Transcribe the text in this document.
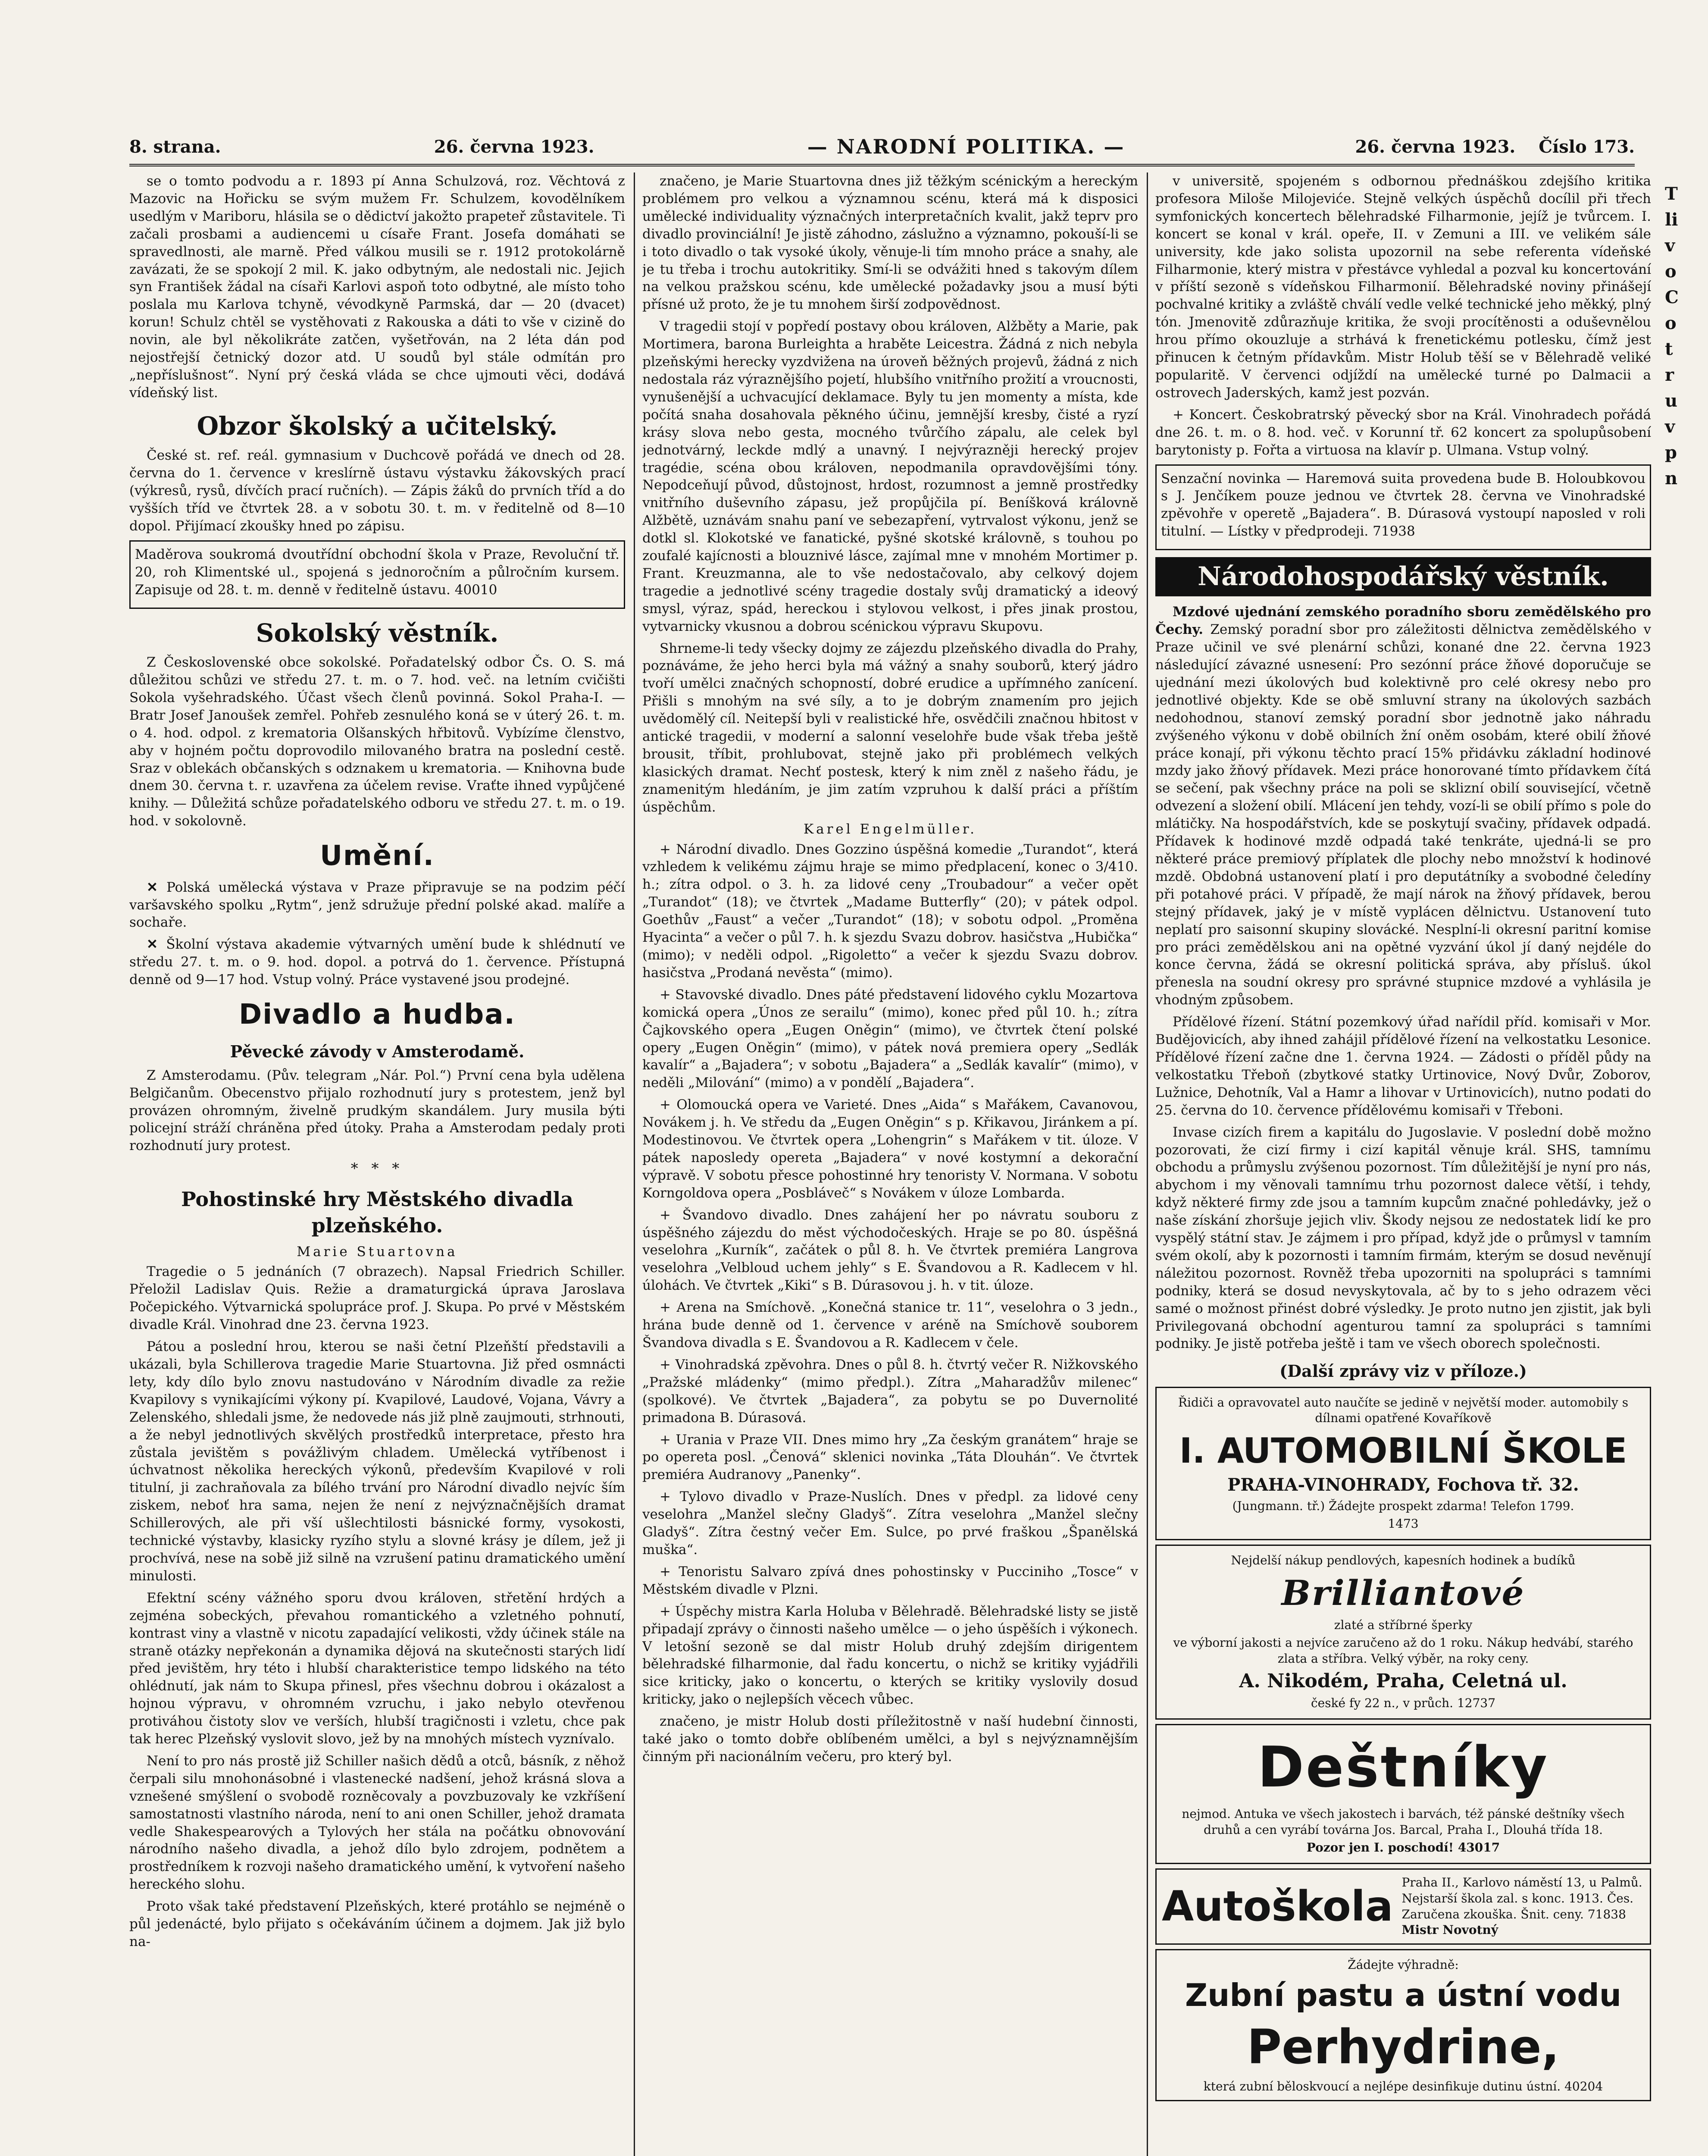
8. strana.	26. června 1923.	— NARODNÍ POLITIKA. —	26. června 1923. Číslo 173.

se o tomto podvodu a r. 1893 pí Anna Schulzová, roz. Věchtová z Mazovic na Hořicku se svým mužem Fr. Schulzem, kovodělníkem usedlým v Mariboru, hlásila se o dědictví jakožto prapeteř zůstavitele. Ti začali prosbami a audiencemi u císaře Frant. Josefa domáhati se spravedlnosti, ale marně. Před válkou musili se r. 1912 protokolárně zavázati, že se spokojí 2 mil. K. jako odbytným, ale nedostali nic. Jejich syn František žádal na císaři Karlovi aspoň toto odbytné, ale místo toho poslala mu Karlova tchyně, vévodkyně Parmská, dar — 20 (dvacet) korun! Schulz chtěl se vystěhovati z Rakouska a dáti to vše v cizině do novin, ale byl několikráte zatčen, vyšetřován, na 2 léta dán pod nejostřejší četnický dozor atd. U soudů byl stále odmítán pro „nepříslušnost“. Nyní prý česká vláda se chce ujmouti věci, dodává vídeňský list.

Obzor školský a učitelský.

České st. ref. reál. gymnasium v Duchcově pořádá ve dnech od 28. června do 1. července v kreslírně ústavu výstavku žákovských prací (výkresů, rysů, dívčích prací ručních). — Zápis žáků do prvních tříd a do vyšších tříd ve čtvrtek 28. a v sobotu 30. t. m. v ředitelně od 8—10 dopol. Přijímací zkoušky hned po zápisu.

Maděrova soukromá dvoutřídní obchodní škola v Praze, Revoluční tř. 20, roh Klimentské ul., spojená s jednoročním a půlročním kursem. Zapisuje od 28. t. m. denně v ředitelně ústavu. 40010

Sokolský věstník.

Z Československé obce sokolské. Pořadatelský odbor Čs. O. S. má důležitou schůzi ve středu 27. t. m. o 7. hod. več. na letním cvičišti Sokola vyšehradského. Účast všech členů povinná. Sokol Praha-I. — Bratr Josef Janoušek zemřel. Pohřeb zesnulého koná se v úterý 26. t. m. o 4. hod. odpol. z krematoria Olšanských hřbitovů. Vybízíme členstvo, aby v hojném počtu doprovodilo milovaného bratra na poslední cestě. Sraz v oblekách občanských s odznakem u krematoria. — Knihovna bude dnem 30. června t. r. uzavřena za účelem revise. Vraťte ihned vypůjčené knihy. — Důležitá schůze pořadatelského odboru ve středu 27. t. m. o 19. hod. v sokolovně.

Umění.

✕ Polská umělecká výstava v Praze připravuje se na podzim péčí varšavského spolku „Rytm“, jenž sdružuje přední polské akad. malíře a sochaře.

✕ Školní výstava akademie výtvarných umění bude k shlédnutí ve středu 27. t. m. o 9. hod. dopol. a potrvá do 1. července. Přístupná denně od 9—17 hod. Vstup volný. Práce vystavené jsou prodejné.

Divadlo a hudba.
Pěvecké závody v Amsterodamě.

Z Amsterodamu. (Pův. telegram „Nár. Pol.“) První cena byla udělena Belgičanům. Obecenstvo přijalo rozhodnutí jury s protestem, jenž byl provázen ohromným, živelně prudkým skandálem. Jury musila býti policejní stráží chráněna před útoky. Praha a Amsterodam pedaly proti rozhodnutí jury protest.

* * *
Pohostinské hry Městského divadla plzeňského.
Marie Stuartovna

Tragedie o 5 jednáních (7 obrazech). Napsal Friedrich Schiller. Přeložil Ladislav Quis. Režie a dramaturgická úprava Jaroslava Počepického. Výtvarnická spolupráce prof. J. Skupa. Po prvé v Městském divadle Král. Vinohrad dne 23. června 1923.

Pátou a poslední hrou, kterou se naši četní Plzeňští představili a ukázali, byla Schillerova tragedie Marie Stuartovna. Již před osmnácti lety, kdy dílo bylo znovu nastudováno v Národním divadle za režie Kvapilovy s vynikajícími výkony pí. Kvapilové, Laudové, Vojana, Vávry a Zelenského, shledali jsme, že nedovede nás již plně zaujmouti, strhnouti, a že nebyl jednotlivých skvělých prostředků interpretace, přesto hra zůstala jevištěm s povážlivým chladem. Umělecká vytříbenost i úchvatnost několika hereckých výkonů, především Kvapilové v roli titulní, ji zachraňovala za bílého trvání pro Národní divadlo nejvíc ším ziskem, neboť hra sama, nejen že není z nejvýznačnějších dramat Schillerových, ale při vší ušlechtilosti básnické formy, vysokosti, technické výstavby, klasicky ryzího stylu a slovné krásy je dílem, jež ji prochvívá, nese na sobě již silně na vzrušení patinu dramatického umění minulosti.

Efektní scény vážného sporu dvou královen, střetění hrdých a zejména sobeckých, převahou romantického a vzletného pohnutí, kontrast viny a vlastně v nicotu zapadající velikosti, vždy účinek stále na straně otázky nepřekonán a dynamika dějová na skutečnosti starých lidí před jevištěm, hry této i hlubší charakteristice tempo lidského na této ohlédnutí, jak nám to Skupa přinesl, přes všechnu dobrou i okázalost a hojnou výpravu, v ohromném vzruchu, i jako nebylo otevřenou protiváhou čistoty slov ve verších, hlubší tragičnosti i vzletu, chce pak tak herec Plzeňský vyslovit slovo, jež by na mnohých místech vyznívalo.

Není to pro nás prostě již Schiller našich dědů a otců, básník, z něhož čerpali silu mnohonásobné i vlastenecké nadšení, jehož krásná slova a vznešené smýšlení o svobodě rozněcovaly a povzbuzovaly ke vzkříšení samostatnosti vlastního národa, není to ani onen Schiller, jehož dramata vedle Shakespearových a Tylových her stála na počátku obnovování národního našeho divadla, a jehož dílo bylo zdrojem, podnětem a prostředníkem k rozvoji našeho dramatického umění, k vytvoření našeho hereckého slohu.

Proto však také představení Plzeňských, které protáhlo se nejméně o půl jedenácté, bylo přijato s očekáváním účinem a dojmem. Jak již bylo na-

značeno, je Marie Stuartovna dnes již těžkým scénickým a hereckým problémem pro velkou a významnou scénu, která má k disposici umělecké individuality význačných interpretačních kvalit, jakž teprv pro divadlo provinciální! Je jistě záhodno, záslužno a významno, pokouší-li se i toto divadlo o tak vysoké úkoly, věnuje-li tím mnoho práce a snahy, ale je tu třeba i trochu autokritiky. Smí-li se odvážiti hned s takovým dílem na velkou pražskou scénu, kde umělecké požadavky jsou a musí býti přísné už proto, že je tu mnohem širší zodpovědnost.

V tragedii stojí v popředí postavy obou královen, Alžběty a Marie, pak Mortimera, barona Burleighta a hraběte Leicestra. Žádná z nich nebyla plzeňskými herecky vyzdvižena na úroveň běžných projevů, žádná z nich nedostala ráz výraznějšího pojetí, hlubšího vnitřního prožití a vroucnosti, vynušenější a uchvacující deklamace. Byly tu jen momenty a místa, kde počítá snaha dosahovala pěkného účinu, jemnější kresby, čisté a ryzí krásy slova nebo gesta, mocného tvůrčího zápalu, ale celek byl jednotvárný, leckde mdlý a unavný. I nejvýrazněji herecký projev tragédie, scéna obou královen, nepodmanila opravdovějšími tóny. Nepodceňují původ, důstojnost, hrdost, rozumnost a jemně prostředky vnitřního duševního zápasu, jež propůjčila pí. Beníšková královně Alžbětě, uznávám snahu paní ve sebezapření, vytrvalost výkonu, jenž se dotkl sl. Klokotské ve fanatické, pyšné skotské královně, s touhou po zoufalé kajícnosti a blouznivé lásce, zajímal mne v mnohém Mortimer p. Frant. Kreuzmanna, ale to vše nedostačovalo, aby celkový dojem tragedie a jednotlivé scény tragedie dostaly svůj dramatický a ideový smysl, výraz, spád, hereckou i stylovou velkost, i přes jinak prostou, vytvarnicky vkusnou a dobrou scénickou výpravu Skupovu.

Shrneme-li tedy všecky dojmy ze zájezdu plzeňského divadla do Prahy, poznáváme, že jeho herci byla má vážný a snahy souborů, který jádro tvoří umělci značných schopností, dobré erudice a upřímného zanícení. Přišli s mnohým na své síly, a to je dobrým znamením pro jejich uvědomělý cíl. Neitepší byli v realistické hře, osvědčili značnou hbitost v antické tragedii, v moderní a salonní veselohře bude však třeba ještě brousit, tříbit, prohlubovat, stejně jako při problémech velkých klasických dramat. Nechť postesk, který k nim zněl z našeho řádu, je znamenitým hledáním, je jim zatím vzpruhou k další práci a příštím úspěchům.

Karel Engelmüller.

+ Národní divadlo. Dnes Gozzino úspěšná komedie „Turandot“, která vzhledem k velikému zájmu hraje se mimo předplacení, konec o 3/410. h.; zítra odpol. o 3. h. za lidové ceny „Troubadour“ a večer opět „Turandot“ (18); ve čtvrtek „Madame Butterfly“ (20); v pátek odpol. Goethův „Faust“ a večer „Turandot“ (18); v sobotu odpol. „Proměna Hyacinta“ a večer o půl 7. h. k sjezdu Svazu dobrov. hasičstva „Hubička“ (mimo); v neděli odpol. „Rigoletto“ a večer k sjezdu Svazu dobrov. hasičstva „Prodaná nevěsta“ (mimo).

+ Stavovské divadlo. Dnes páté představení lidového cyklu Mozartova komická opera „Únos ze serailu“ (mimo), konec před půl 10. h.; zítra Čajkovského opera „Eugen Oněgin“ (mimo), ve čtvrtek čtení polské opery „Eugen Oněgin“ (mimo), v pátek nová premiera opery „Sedlák kavalír“ a „Bajadera“; v sobotu „Bajadera“ a „Sedlák kavalír“ (mimo), v neděli „Milování“ (mimo) a v pondělí „Bajadera“.

+ Olomoucká opera ve Varieté. Dnes „Aida“ s Mařákem, Cavanovou, Novákem j. h. Ve středu da „Eugen Oněgin“ s p. Křikavou, Jiránkem a pí. Modestinovou. Ve čtvrtek opera „Lohengrin“ s Mařákem v tit. úloze. V pátek naposledy opereta „Bajadera“ v nové kostymní a dekorační výpravě. V sobotu přesce pohostinné hry tenoristy V. Normana. V sobotu Korngoldova opera „Posbláveč“ s Novákem v úloze Lombarda.

+ Švandovo divadlo. Dnes zahájení her po návratu souboru z úspěšného zájezdu do měst východočeských. Hraje se po 80. úspěšná veselohra „Kurník“, začátek o půl 8. h. Ve čtvrtek premiéra Langrova veselohra „Velbloud uchem jehly“ s E. Švandovou a R. Kadlecem v hl. úlohách. Ve čtvrtek „Kiki“ s B. Dúrasovou j. h. v tit. úloze.

+ Arena na Smíchově. „Konečná stanice tr. 11“, veselohra o 3 jedn., hrána bude denně od 1. července v aréně na Smíchově souborem Švandova divadla s E. Švandovou a R. Kadlecem v čele.

+ Vinohradská zpěvohra. Dnes o půl 8. h. čtvrtý večer R. Nižkovského „Pražské mládenky“ (mimo předpl.). Zítra „Maharadžův milenec“ (spolkové). Ve čtvrtek „Bajadera“, za pobytu se po Duvernolité primadona B. Dúrasová.

+ Urania v Praze VII. Dnes mimo hry „Za českým granátem“ hraje se po opereta posl. „Čenová“ sklenici novinka „Táta Dlouhán“. Ve čtvrtek premiéra Audranovy „Panenky“.

+ Tylovo divadlo v Praze-Nuslích. Dnes v předpl. za lidové ceny veselohra „Manžel slečny Gladyš“. Zítra veselohra „Manžel slečny Gladyš“. Zítra čestný večer Em. Sulce, po prvé fraškou „Španělská muška“.

+ Tenoristu Salvaro zpívá dnes pohostinsky v Pucciniho „Tosce“ v Městském divadle v Plzni.

+ Úspěchy mistra Karla Holuba v Bělehradě. Bělehradské listy se jistě připadají zprávy o činnosti našeho umělce — o jeho úspěších i výkonech. V letošní sezoně se dal mistr Holub druhý zdejším dirigentem bělehradské filharmonie, dal řadu koncertu, o nichž se kritiky vyjádřili sice kriticky, jako o koncertu, o kterých se kritiky vyslovily dosud kriticky, jako o nejlepších věcech vůbec.

značeno, je mistr Holub dosti příležitostně v naší hudební činnosti, také jako o tomto dobře oblíbeném umělci, a byl s nejvýznamnějším činným při nacionálním večeru, pro který byl.

v universitě, spojeném s odbornou přednáškou zdejšího kritika profesora Miloše Milojeviće. Stejně velkých úspěchů docílil při třech symfonických koncertech bělehradské Filharmonie, jejíž je tvůrcem. I. koncert se konal v král. opeře, II. v Zemuni a III. ve velikém sále university, kde jako solista upozornil na sebe referenta vídeňské Filharmonie, který mistra v přestávce vyhledal a pozval ku koncertování v příští sezoně s vídeňskou Filharmonií. Bělehradské noviny přinášejí pochvalné kritiky a zvláště chválí vedle velké technické jeho měkký, plný tón. Jmenovitě zdůrazňuje kritika, že svoji procítěnosti a oduševnělou hrou přímo okouzluje a strhává k frenetickému potlesku, čímž jest přinucen k četným přídavkům. Mistr Holub těší se v Bělehradě veliké popularitě. V červenci odjíždí na umělecké turné po Dalmacii a ostrovech Jaderských, kamž jest pozván.

+ Koncert. Českobratrský pěvecký sbor na Král. Vinohradech pořádá dne 26. t. m. o 8. hod. več. v Korunní tř. 62 koncert za spolupůsobení barytonisty p. Fořta a virtuosa na klavír p. Ulmana. Vstup volný.

Senzační novinka — Haremová suita provedena bude B. Holoubkovou s J. Jenčíkem pouze jednou ve čtvrtek 28. června ve Vinohradské zpěvohře v operetě „Bajadera“. B. Dúrasová vystoupí naposled v roli titulní. — Lístky v předprodeji. 71938

Národohospodářský věstník.

Mzdové ujednání zemského poradního sboru zemědělského pro Čechy. Zemský poradní sbor pro záležitosti dělnictva zemědělského v Praze učinil ve své plenární schůzi, konané dne 22. června 1923 následující závazné usnesení: Pro sezónní práce žňové doporučuje se ujednání mezi úkolových bud kolektivně pro celé okresy nebo pro jednotlivé objekty. Kde se obě smluvní strany na úkolových sazbách nedohodnou, stanoví zemský poradní sbor jednotně jako náhradu zvýšeného výkonu v době obilních žní oněm osobám, které obilí žňové práce konají, při výkonu těchto prací 15% přidávku základní hodinové mzdy jako žňový přídavek. Mezi práce honorované tímto přídavkem čítá se sečení, pak všechny práce na poli se sklizní obilí související, včetně odvezení a složení obilí. Mlácení jen tehdy, vozí-li se obilí přímo s pole do mlátičky. Na hospodářstvích, kde se poskytují svačiny, přídavek odpadá. Přídavek k hodinové mzdě odpadá také tenkráte, ujedná-li se pro některé práce premiový příplatek dle plochy nebo množství k hodinové mzdě. Obdobná ustanovení platí i pro deputátníky a svobodné čeledíny při potahové práci. V případě, že mají nárok na žňový přídavek, berou stejný přídavek, jaký je v místě vyplácen dělnictvu. Ustanovení tuto neplatí pro saisonní skupiny slovácké. Nesplní-li okresní paritní komise pro práci zemědělskou ani na opětné vyzvání úkol jí daný nejdéle do konce června, žádá se okresní politická správa, aby přísluš. úkol přenesla na soudní okresy pro správné stupnice mzdové a vyhlásila je vhodným způsobem.

Přídělové řízení. Státní pozemkový úřad nařídil příd. komisaři v Mor. Budějovicích, aby ihned zahájil přídělové řízení na velkostatku Lesonice. Přídělové řízení začne dne 1. června 1924. — Zádosti o příděl půdy na velkostatku Třeboň (zbytkové statky Urtinovice, Nový Dvůr, Zoborov, Lužnice, Dehotník, Val a Hamr a lihovar v Urtinovicích), nutno podati do 25. června do 10. července přídělovému komisaři v Třeboni.

Invase cizích firem a kapitálu do Jugoslavie. V poslední době možno pozorovati, že cizí firmy i cizí kapitál věnuje král. SHS, tamnímu obchodu a průmyslu zvýšenou pozornost. Tím důležitější je nyní pro nás, abychom i my věnovali tamnímu trhu pozornost dalece větší, i tehdy, když některé firmy zde jsou a tamním kupcům značné pohledávky, jež o naše získání zhoršuje jejich vliv. Škody nejsou ze nedostatek lidí ke pro vyspělý státní stav. Je zájmem i pro případ, když jde o průmysl v tamním svém okolí, aby k pozornosti i tamním firmám, kterým se dosud nevěnují náležitou pozornost. Rovněž třeba upozorniti na spolupráci s tamními podniky, která se dosud nevyskytovala, ač by to s jeho odrazem věci samé o možnost přinést dobré výsledky. Je proto nutno jen zjistit, jak byli Privilegovaná obchodní agenturou tamní za spolupráci s tamními podniky. Je jistě potřeba ještě i tam ve všech oborech společnosti.

(Další zprávy viz v příloze.)
Řidiči a opravovatel auto naučíte se jedině v největší moder. automobily s dílnami opatřené Kovaříkově
I. AUTOMOBILNÍ ŠKOLE
PRAHA-VINOHRADY, Fochova tř. 32.
(Jungmann. tř.) Žádejte prospekt zdarma! Telefon 1799.
1473
Nejdelší nákup pendlových, kapesních hodinek a budíků
Brilliantové
zlaté a stříbrné šperky
ve výborní jakosti a nejvíce zaručeno až do 1 roku. Nákup hedvábí, starého zlata a stříbra. Velký výběr, na roky ceny.
A. Nikodém, Praha, Celetná ul.
české fy 22 n., v průch. 12737
Deštníky
nejmod. Antuka ve všech jakostech i barvách, též pánské deštníky všech druhů a cen vyrábí továrna Jos. Barcal, Praha I., Dlouhá třída 18.
Pozor jen I. poschodí! 43017
Autoškola
Praha II., Karlovo náměstí 13, u Palmů. Nejstarší škola zal. s konc. 1913. Čes. Zaručena zkouška. Šnit. ceny. 71838
Mistr Novotný
Žádejte výhradně:
Zubní pastu a ústní vodu
Perhydrine,
která zubní běloskvoucí a nejlépe desinfikuje dutinu ústní. 40204
T
li
v
o
C
o
t
r
u
v
p
n
